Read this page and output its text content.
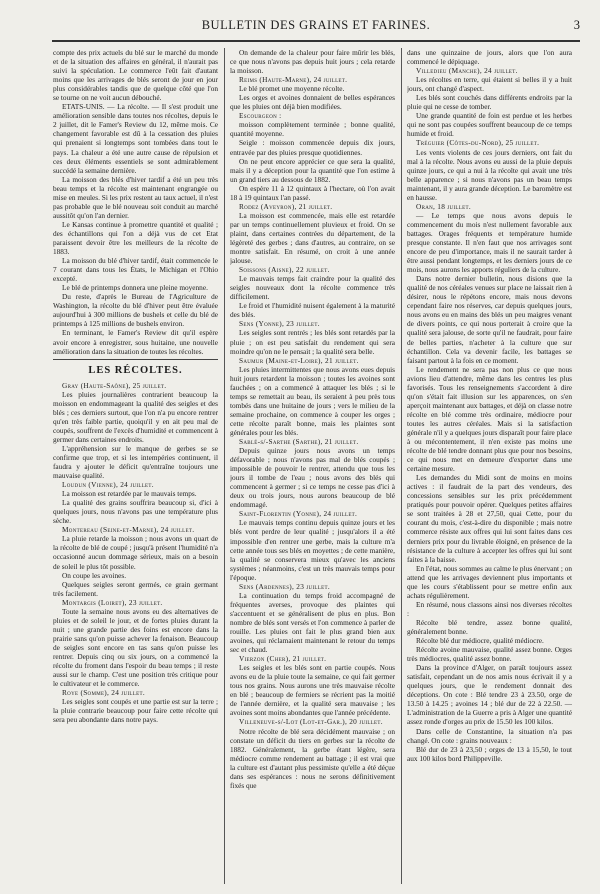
BULLETIN DES GRAINS ET FARINES.	3

compte des prix actuels du blé sur le marché du monde et de la situation des affaires en général, il n'aurait pas suivi la spéculation. Le commerce l'eût fait d'autant moins que les arrivages de blés seront de jour en jour plus considérables tandis que de quelque côté que l'on se tourne on ne voit aucun débouché.

ETATS-UNIS. — La récolte. — Il s'est produit une amélioration sensible dans toutes nos récoltes, depuis le 2 juillet, dit le Famer's Review du 12, même mois. Ce changement favorable est dû à la cessation des pluies qui prenaient si longtemps sont tombées dans tout le pays. La chaleur a été une autre cause de répulsion et ces deux éléments essentiels se sont admirablement succédé la semaine dernière.

La moisson des blés d'hiver tardif a été un peu très beau temps et la récolte est maintenant engrangée ou mise en meules. Si les prix restent au taux actuel, il n'est pas probable que le blé nouveau soit conduit au marché aussitôt qu'on l'an dernier.

Le Kansas continue à promettre quantité et qualité ; des échantillons qui l'on a déjà vus de cet Etat paraissent devoir être les meilleurs de la récolte de 1883.

La moisson du blé d'hiver tardif, était commencée le 7 courant dans tous les États, le Michigan et l'Ohio excepté.

Le blé de printemps donnera une pleine moyenne.

Du reste, d'après le Bureau de l'Agriculture de Washington, la récolte du blé d'hiver peut être évaluée aujourd'hui à 300 millions de bushels et celle du blé de printemps à 125 millions de bushels environ.

En terminant, le Famer's Review dit qu'il espère avoir encore à enregistrer, sous huitaine, une nouvelle amélioration dans la situation de toutes les récoltes.

LES RÉCOLTES.

Gray (Haute-Saône), 25 juillet.

Les pluies journalières contrarient beaucoup la moisson en endommageant la qualité des seigles et des blés ; ces derniers surtout, que l'on n'a pu encore rentrer qu'en très faible partie, quoiqu'il y en ait peu mal de coupés, souffrent de l'excès d'humidité et commencent à germer dans certaines endroits.

L'appréhension sur le manque de gerbes se se confirme que trop, et si les intempéries continuent, il faudra y ajouter le déficit qu'entraîne toujours une mauvaise qualité.

Loudun (Vienne), 24 juillet.

La moisson est retardée par le mauvais temps.

La qualité des grains souffrira beaucoup si, d'ici à quelques jours, nous n'avons pas une température plus sèche.

Montereau (Seine-et-Marne), 24 juillet.

La pluie retarde la moisson ; nous avons un quart de la récolte de blé de coupé ; jusqu'à présent l'humidité n'a occasionné aucun dommage sérieux, mais on a besoin de soleil le plus tôt possible.

On coupe les avoines.

Quelques seigles seront germés, ce grain germant très facilement.

Montargis (Loiret), 23 juillet.

Toute la semaine nous avons eu des alternatives de pluies et de soleil le jour, et de fortes pluies durant la nuit ; une grande partie des foins est encore dans la prairie sans qu'on puisse achever la fenaison. Beaucoup de seigles sont encore en tas sans qu'on puisse les rentrer. Depuis cinq ou six jours, on a commencé la récolte du froment dans l'espoir du beau temps ; il reste aussi sur le champ. C'est une position très critique pour le cultivateur et le commerce.

Roye (Somme), 24 juillet.

Les seigles sont coupés et une partie est sur la terre ; la pluie contrarie beaucoup pour faire cette récolte qui sera peu abondante dans notre pays.

On demande de la chaleur pour faire mûrir les blés, ce que nous n'avons pas depuis huit jours ; cela retarde la moisson.

Reims (Haute-Marne), 24 juillet.

Le blé promet une moyenne récolte.

Les orges et avoines donnaient de belles espérances que les pluies ont déjà bien modifiées.

Escourgeon :

moisson complètement terminée ; bonne qualité, quantité moyenne.

Seigle : moisson commencée depuis dix jours, entravée par des pluies presque quotidiennes.

On ne peut encore apprécier ce que sera la qualité, mais il y a déception pour la quantité que l'on estime à un grand tiers au dessous de 1882.

On espère 11 à 12 quintaux à l'hectare, où l'on avait 18 à 19 quintaux l'an passé.

Rodez (Aveyron), 21 juillet.

La moisson est commencée, mais elle est retardée par un temps continuellement pluvieux et froid. On se plaint, dans certaines contrées du département, de la légèreté des gerbes ; dans d'autres, au contraire, on se montre satisfait. En résumé, on croit à une année jalouse.

Soissons (Aisne), 22 juillet.

Le mauvais temps fait craindre pour la qualité des seigles nouveaux dont la récolte commence très difficilement.

Le froid et l'humidité nuisent également à la maturité des blés.

Sens (Yonne), 23 juillet.

Les seigles sont rentrés ; les blés sont retardés par la pluie ; on est peu satisfait du rendement qui sera moindre qu'on ne le pensait ; la qualité sera belle.

Saumur (Maine-et-Loire), 21 juillet.

Les pluies intermittentes que nous avons eues depuis huit jours retardent la moisson ; toutes les avoines sont fauchées ; on a commencé à attaquer les blés ; si le temps se remettait au beau, ils seraient à peu près tous tombés dans une huitaine de jours ; vers le milieu de la semaine prochaine, on commence à couper les orges ; cette récolte paraît bonne, mais les plaintes sont générales pour les blés.

Sablé-s/-Sarthe (Sarthe), 21 juillet.

Depuis quinze jours nous avons un temps défavorable ; nous n'avons pas mal de blés coupés ; impossible de pouvoir le rentrer, attendu que tous les jours il tombe de l'eau ; nous avons des blés qui commencent à germer ; si ce temps ne cesse pas d'ici à deux ou trois jours, nous aurons beaucoup de blé endommagé.

Saint-Florentin (Yonne), 24 juillet.

Le mauvais temps continu depuis quinze jours et les blés vont perdre de leur qualité ; jusqu'alors il a été impossible d'en rentrer une gerbe, mais la culture m'a cette année tous ses blés en moyettes ; de cette manière, la qualité se conservera mieux qu'avec les anciens systèmes ; néanmoins, c'est un très mauvais temps pour l'époque.

Sens (Ardennes), 23 juillet.

La continuation du temps froid accompagné de fréquentes averses, provoque des plaintes qui s'accentuent et se généralisent de plus en plus. Bon nombre de blés sont versés et l'on commence à parler de rouille. Les pluies ont fait le plus grand bien aux avoines, qui réclamaient maintenant le retour du temps sec et chaud.

Vierzon (Cher), 21 juillet.

Les seigles et les blés sont en partie coupés. Nous avons eu de la pluie toute la semaine, ce qui fait germer tous nos grains. Nous aurons une très mauvaise récolte en blé ; beaucoup de fermiers se récrient pas la moitié de l'année dernière, et la qualité sera mauvaise ; les avoines sont moins abondantes que l'année précédente.

Villeneuve-s/-Lot (Lot-et-Gar.), 20 juillet.

Notre récolte de blé sera décidément mauvaise ; on constate un déficit du tiers en gerbes sur la récolte de 1882. Généralement, la gerbe étant légère, sera médiocre comme rendement au battage ; il est vrai que la culture est d'autant plus pessimiste qu'elle a été déçue dans ses espérances : nous ne serons définitivement fixés que

dans une quinzaine de jours, alors que l'on aura commencé le dépiquage.

Villedieu (Manche), 24 juillet.

Les récoltes en terre, qui étaient si belles il y a huit jours, ont changé d'aspect.

Les blés sont couchés dans différents endroits par la pluie qui ne cesse de tomber.

Une grande quantité de foin est perdue et les herbes qui ne sont pas coupées souffrent beaucoup de ce temps humide et froid.

Tréguier (Côtes-du-Nord), 25 juillet.

Les vents violents de ces jours derniers, ont fait du mal à la récolte. Nous avons eu aussi de la pluie depuis quinze jours, ce qui a nui à la récolte qui avait une très belle apparence ; si nous n'avons pas un beau temps maintenant, il y aura grande déception. Le baromètre est en hausse.

Oran, 18 juillet.

— Le temps que nous avons depuis le commencement du mois n'est nullement favorable aux battages. Orages fréquents et température humide presque constante. Il n'en faut que nos arrivages sont encore de peu d'importance, mais il ne saurait tarder à être aussi pendant longtemps, et les derniers jours de ce mois, nous aurons les apports réguliers de la culture.

Dans notre dernier bulletin, nous disions que la qualité de nos céréales venues sur place ne laissait rien à désirer, nous le répétons encore, mais nous devons cependant faire nos réserves, car depuis quelques jours, nous avons eu en mains des blés un peu maigres venant de divers points, ce qui nous porterait à croire que la qualité sera jalouse, de sorte qu'il ne faudrait, pour faire de belles parties, n'acheter à la culture que sur échantillon. Cela va devenir facile, les battages se faisant partout à la fois en ce moment.

Le rendement ne sera pas non plus ce que nous avions lieu d'attendre, même dans les centres les plus favorisés. Tous les renseignements s'accordent à dire qu'on s'était fait illusion sur les apparences, on s'en aperçoit maintenant aux battages, et déjà on classe notre récolte en blé comme très ordinaire, médiocre pour toutes les autres céréales. Mais si la satisfaction générale n'il y a quelques jours disparaît pour faire place à ou mécontentement, il n'en existe pas moins une récolte de blé tendre donnant plus que pour nos besoins, ce qui nous met en demeure d'exporter dans une certaine mesure.

Les demandes du Midi sont de moins en moins actives : il faudrait de la part des vendeurs, des concessions sensibles sur les prix précédemment pratiqués pour pouvoir opérer. Quelques petites affaires se sont traitées à 28 et 27,50, quai Cette, pour du courant du mois, c'est-à-dire du disponible ; mais notre commerce résiste aux offres qui lui sont faites dans ces derniers prix pour du livrable éloigné, en présence de la résistance de la culture à accepter les offres qui lui sont faites à la baisse.

En l'état, nous sommes au calme le plus énervant ; on attend que les arrivages deviennent plus importants et que les cours s'établissent pour se mettre enfin aux achats régulièrement.

En résumé, nous classons ainsi nos diverses récoltes :

Récolte blé tendre, assez bonne qualité, généralement bonne.

Récolte blé dur médiocre, qualité médiocre.

Récolte avoine mauvaise, qualité assez bonne. Orges très médiocres, qualité assez bonne.

Dans la province d'Alger, on paraît toujours assez satisfait, cependant un de nos amis nous écrivait il y a quelques jours, que le rendement donnait des déceptions. On cote : Blé tendre 23 à 23.50, orge de 13.50 à 14.25 ; avoines 14 ; blé dur de 22 à 22.50. — L'administration de la Guerre a pris à Alger une quantité assez ronde d'orges au prix de 15.50 les 100 kilos.

Dans celle de Constantine, la situation n'a pas changé. On cote : grains nouveaux :

Blé dur de 23 à 23,50 ; orges de 13 à 15,50, le tout aux 100 kilos bord Philippeville.
